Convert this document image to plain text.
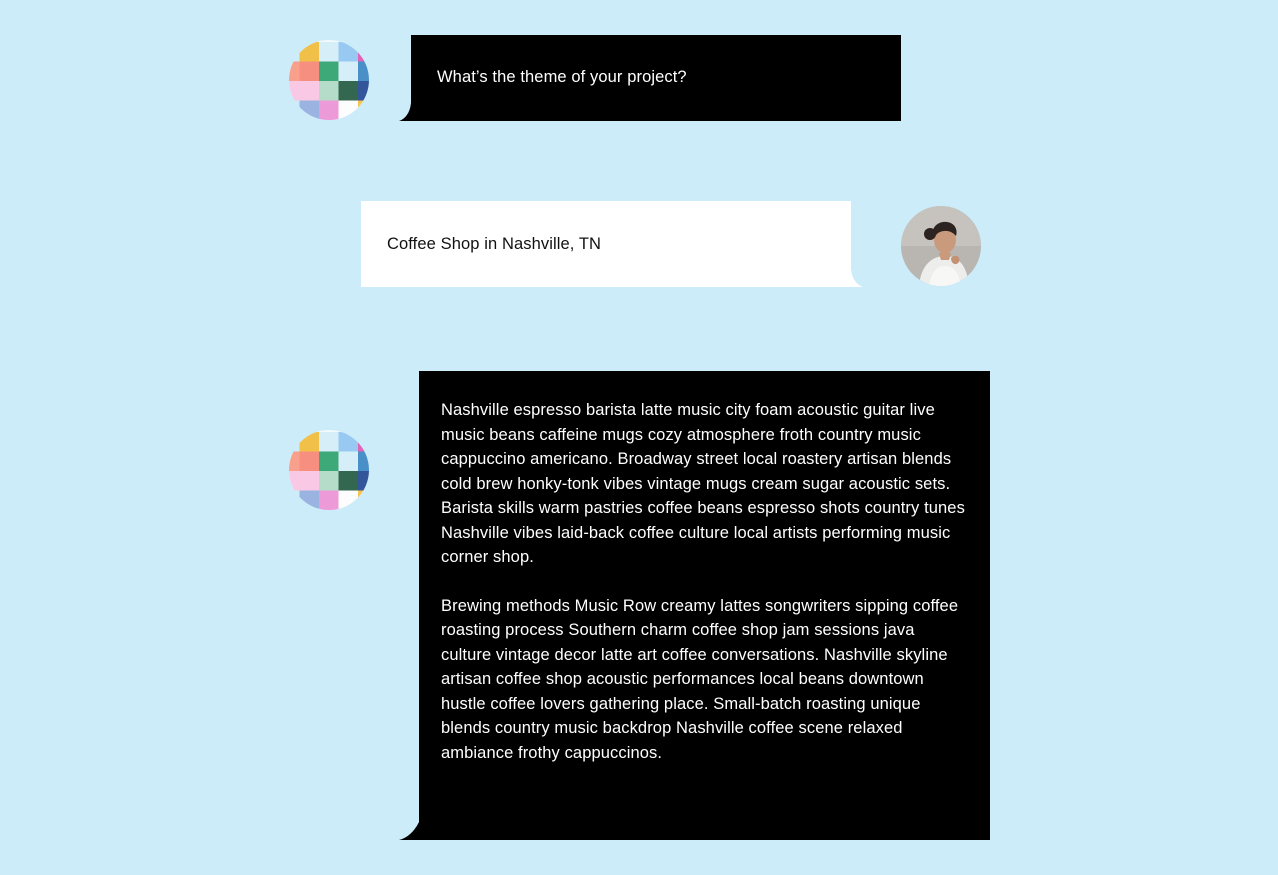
What’s the theme of your project?

Coffee Shop in Nashville, TN

Nashville espresso barista latte music city foam acoustic guitar live music beans caffeine mugs cozy atmosphere froth country music cappuccino americano. Broadway street local roastery artisan blends cold brew honky-tonk vibes vintage mugs cream sugar acoustic sets. Barista skills warm pastries coffee beans espresso shots country tunes Nashville vibes laid-back coffee culture local artists performing music corner shop.

Brewing methods Music Row creamy lattes songwriters sipping coffee roasting process Southern charm coffee shop jam sessions java culture vintage decor latte art coffee conversations. Nashville skyline artisan coffee shop acoustic performances local beans downtown hustle coffee lovers gathering place. Small-batch roasting unique blends country music backdrop Nashville coffee scene relaxed ambiance frothy cappuccinos.
